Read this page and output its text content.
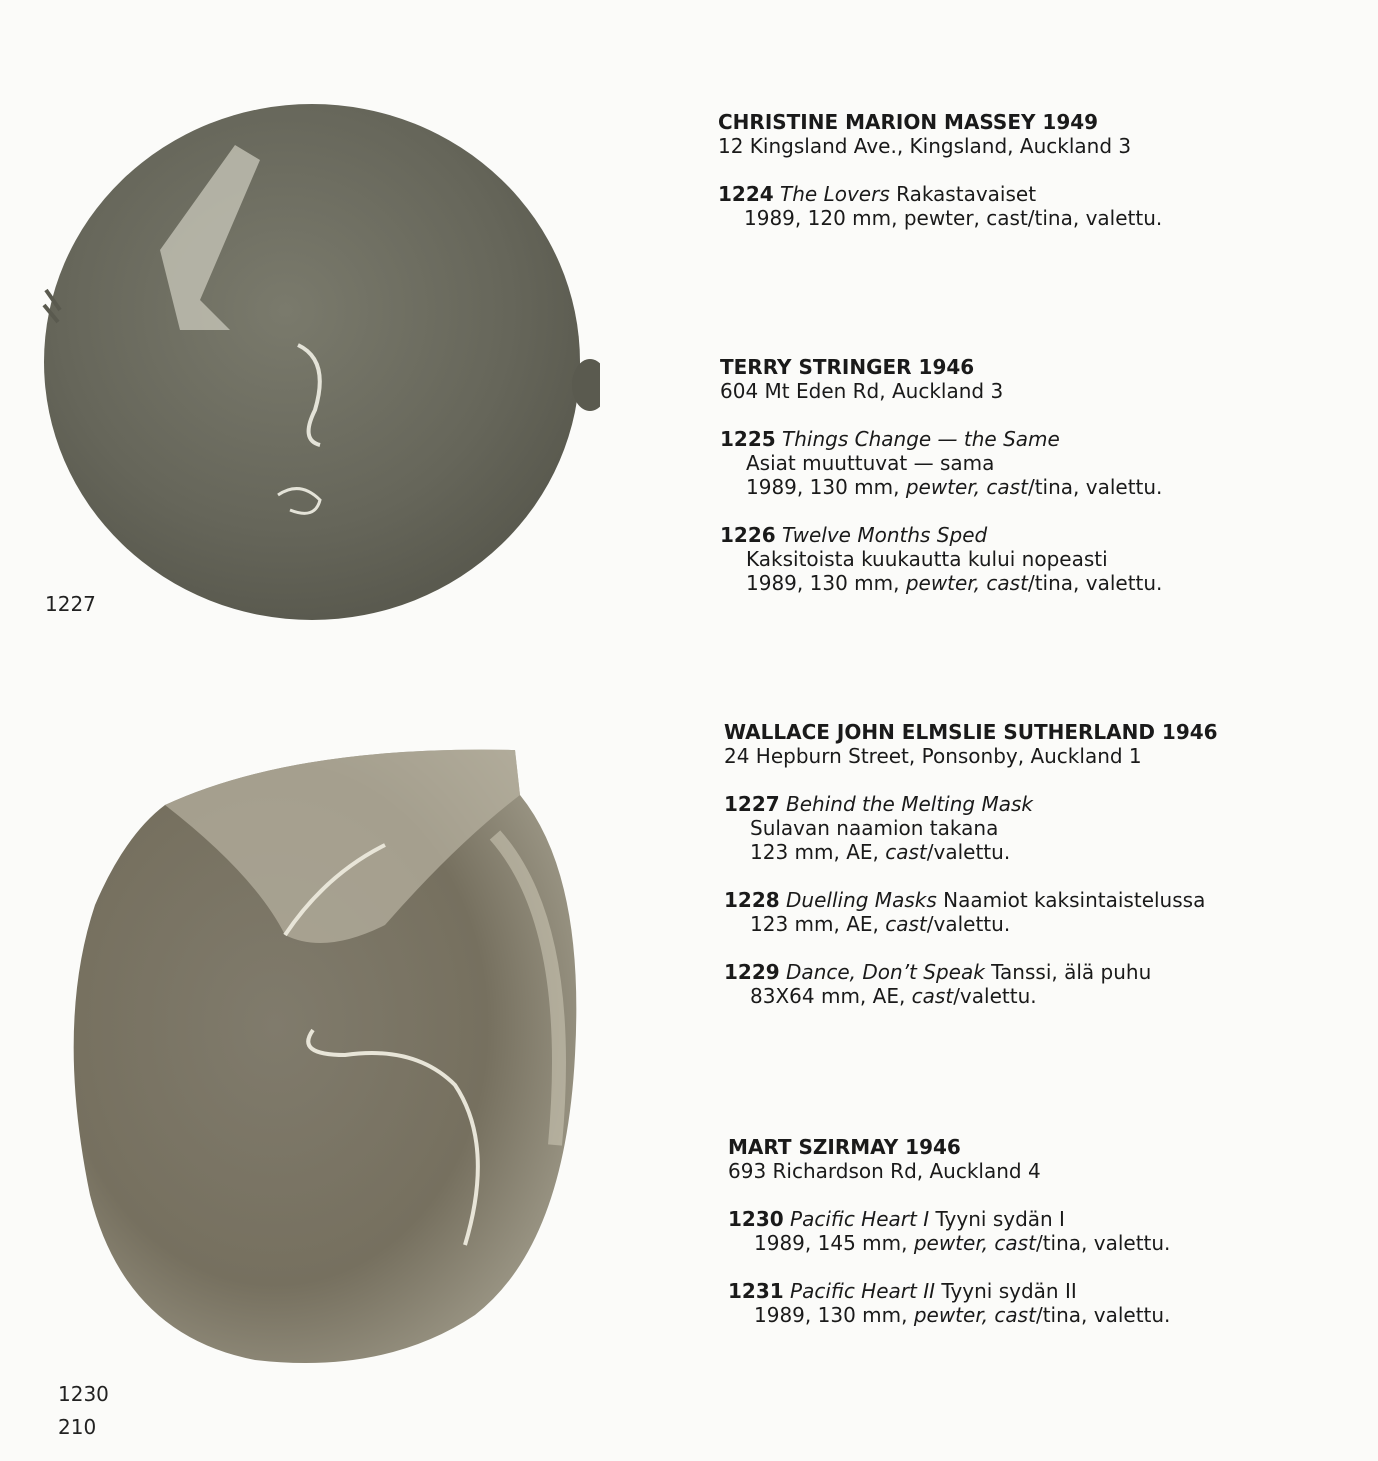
1227
1230
210
CHRISTINE MARION MASSEY 1949
12 Kingsland Ave., Kingsland, Auckland 3
1224 The Lovers Rakastavaiset
1989, 120 mm, pewter, cast/tina, valettu.
TERRY STRINGER 1946
604 Mt Eden Rd, Auckland 3
1225 Things Change — the Same
Asiat muuttuvat — sama
1989, 130 mm, pewter, cast/tina, valettu.
1226 Twelve Months Sped
Kaksitoista kuukautta kului nopeasti
1989, 130 mm, pewter, cast/tina, valettu.
WALLACE JOHN ELMSLIE SUTHERLAND 1946
24 Hepburn Street, Ponsonby, Auckland 1
1227 Behind the Melting Mask
Sulavan naamion takana
123 mm, AE, cast/valettu.
1228 Duelling Masks Naamiot kaksintaistelussa
123 mm, AE, cast/valettu.
1229 Dance, Don’t Speak Tanssi, älä puhu
83X64 mm, AE, cast/valettu.
MART SZIRMAY 1946
693 Richardson Rd, Auckland 4
1230 Pacific Heart I Tyyni sydän I
1989, 145 mm, pewter, cast/tina, valettu.
1231 Pacific Heart II Tyyni sydän II
1989, 130 mm, pewter, cast/tina, valettu.
